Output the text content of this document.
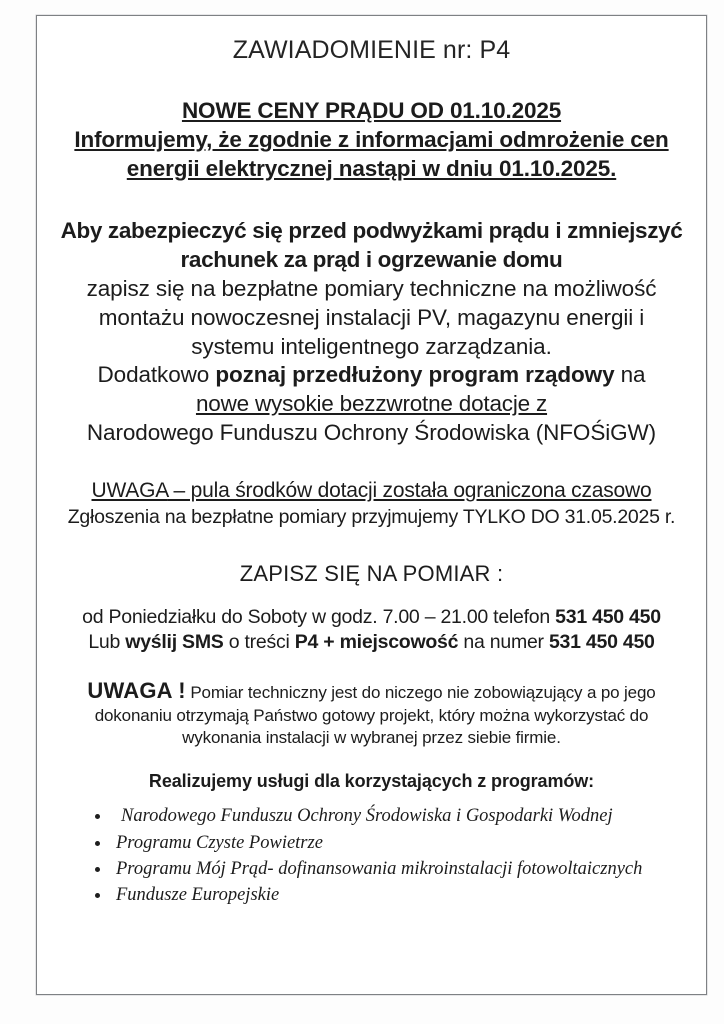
ZAWIADOMIENIE nr: P4
NOWE CENY PRĄDU OD 01.10.2025
Informujemy, że zgodnie z informacjami odmrożenie cen
energii elektrycznej nastąpi w dniu 01.10.2025.
Aby zabezpieczyć się przed podwyżkami prądu i zmniejszyć
rachunek za prąd i ogrzewanie domu
zapisz się na bezpłatne pomiary techniczne na możliwość
montażu nowoczesnej instalacji PV, magazynu energii i
systemu inteligentnego zarządzania.
Dodatkowo poznaj przedłużony program rządowy na
nowe wysokie bezzwrotne dotacje z
Narodowego Funduszu Ochrony Środowiska (NFOŚiGW)
UWAGA – pula środków dotacji została ograniczona czasowo
Zgłoszenia na bezpłatne pomiary przyjmujemy TYLKO DO 31.05.2025 r.
ZAPISZ SIĘ NA POMIAR :
od Poniedziałku do Soboty w godz. 7.00 – 21.00 telefon 531 450 450
Lub wyślij SMS o treści P4 + miejscowość na numer 531 450 450
UWAGA ! Pomiar techniczny jest do niczego nie zobowiązujący a po jego
dokonaniu otrzymają Państwo gotowy projekt, który można wykorzystać do
wykonania instalacji w wybranej przez siebie firmie.
Realizujemy usługi dla korzystających z programów:
Narodowego Funduszu Ochrony Środowiska i Gospodarki Wodnej
Programu Czyste Powietrze
Programu Mój Prąd- dofinansowania mikroinstalacji fotowoltaicznych
Fundusze Europejskie
